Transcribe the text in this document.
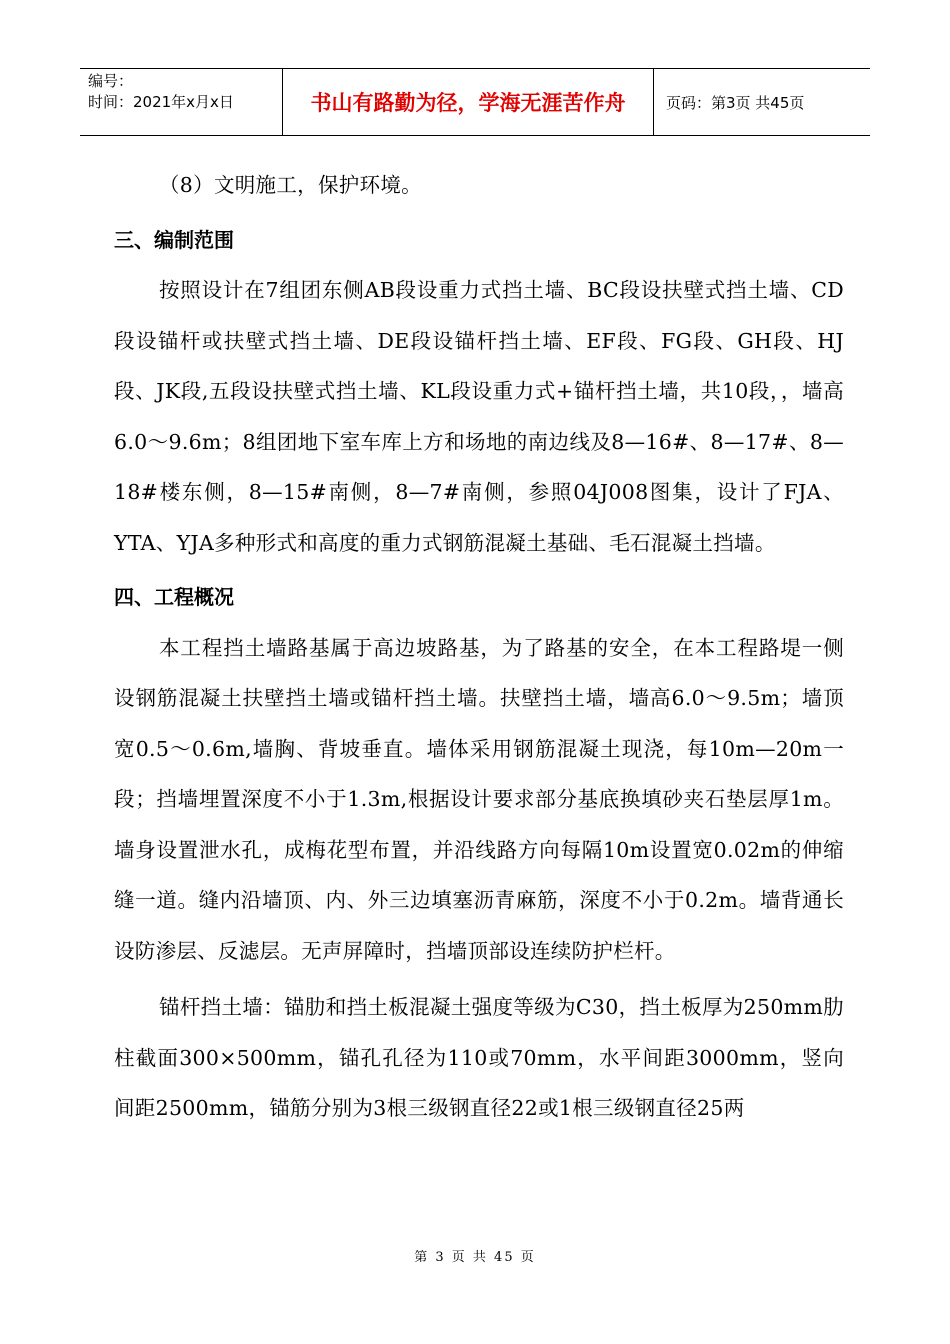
编号：
时间：2021年x月x日	书山有路勤为径，学海无涯苦作舟	页码：第3页 共45页

（8）文明施工，保护环境。

三、编制范围

按照设计在7组团东侧AB段设重力式挡土墙、BC段设扶壁式挡土墙、CD段设锚杆或扶壁式挡土墙、DE段设锚杆挡土墙、EF段、FG段、GH段、HJ段、JK段,五段设扶壁式挡土墙、KL段设重力式+锚杆挡土墙，共10段，，墙高6.0～9.6m；8组团地下室车库上方和场地的南边线及8—16#、8—17#、8—18#楼东侧，8—15#南侧，8—7#南侧，参照04J008图集，设计了FJA、YTA、YJA多种形式和高度的重力式钢筋混凝土基础、毛石混凝土挡墙。

四、工程概况

本工程挡土墙路基属于高边坡路基，为了路基的安全，在本工程路堤一侧设钢筋混凝土扶壁挡土墙或锚杆挡土墙。扶壁挡土墙，墙高6.0～9.5m；墙顶宽0.5～0.6m,墙胸、背坡垂直。墙体采用钢筋混凝土现浇，每10m—20m一段；挡墙埋置深度不小于1.3m,根据设计要求部分基底换填砂夹石垫层厚1m。墙身设置泄水孔，成梅花型布置，并沿线路方向每隔10m设置宽0.02m的伸缩缝一道。缝内沿墙顶、内、外三边填塞沥青麻筋，深度不小于0.2m。墙背通长设防渗层、反滤层。无声屏障时，挡墙顶部设连续防护栏杆。

锚杆挡土墙：锚肋和挡土板混凝土强度等级为C30，挡土板厚为250mm肋柱截面300×500mm，锚孔孔径为110或70mm，水平间距3000mm，竖向间距2500mm，锚筋分别为3根三级钢直径22或1根三级钢直径25两

第 3 页 共 45 页
